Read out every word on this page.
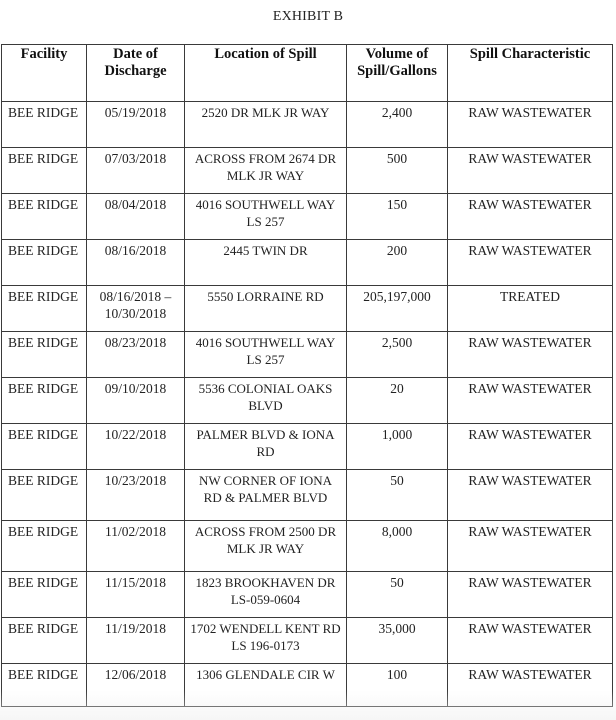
EXHIBIT B
Facility	Date of Discharge	Location of Spill	Volume of Spill/Gallons	Spill Characteristic
BEE RIDGE	05/19/2018	2520 DR MLK JR WAY	2,400	RAW WASTEWATER
BEE RIDGE	07/03/2018	ACROSS FROM 2674 DR MLK JR WAY	500	RAW WASTEWATER
BEE RIDGE	08/04/2018	4016 SOUTHWELL WAY LS 257	150	RAW WASTEWATER
BEE RIDGE	08/16/2018	2445 TWIN DR	200	RAW WASTEWATER
BEE RIDGE	08/16/2018 – 10/30/2018	5550 LORRAINE RD	205,197,000	TREATED
BEE RIDGE	08/23/2018	4016 SOUTHWELL WAY LS 257	2,500	RAW WASTEWATER
BEE RIDGE	09/10/2018	5536 COLONIAL OAKS BLVD	20	RAW WASTEWATER
BEE RIDGE	10/22/2018	PALMER BLVD & IONA RD	1,000	RAW WASTEWATER
BEE RIDGE	10/23/2018	NW CORNER OF IONA RD & PALMER BLVD	50	RAW WASTEWATER
BEE RIDGE	11/02/2018	ACROSS FROM 2500 DR MLK JR WAY	8,000	RAW WASTEWATER
BEE RIDGE	11/15/2018	1823 BROOKHAVEN DR LS-059-0604	50	RAW WASTEWATER
BEE RIDGE	11/19/2018	1702 WENDELL KENT RD LS 196-0173	35,000	RAW WASTEWATER
BEE RIDGE	12/06/2018	1306 GLENDALE CIR W	100	RAW WASTEWATER
